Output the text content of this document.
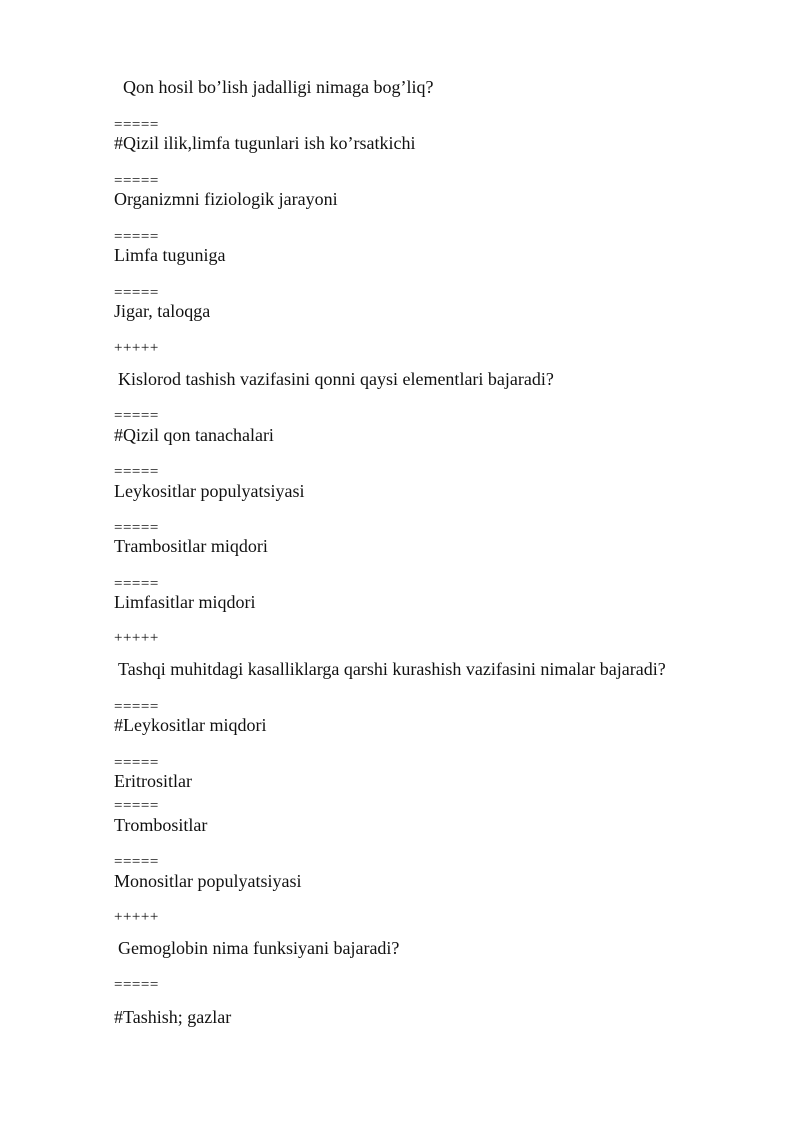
Qon hosil bo’lish jadalligi nimaga bog’liq?
=====
#Qizil ilik,limfa tugunlari ish ko’rsatkichi
=====
Organizmni fiziologik jarayoni
=====
Limfa tuguniga
=====
Jigar, taloqga
+++++
Kislorod tashish vazifasini qonni qaysi elementlari bajaradi?
=====
#Qizil qon tanachalari
=====
Leykositlar populyatsiyasi
=====
Trambositlar miqdori
=====
Limfasitlar miqdori
+++++
Tashqi muhitdagi kasalliklarga qarshi kurashish vazifasini nimalar bajaradi?
=====
#Leykositlar miqdori
=====
Eritrositlar
=====
Trombositlar
=====
Monositlar populyatsiyasi
+++++
Gemoglobin nima funksiyani bajaradi?
=====
#Tashish; gazlar
